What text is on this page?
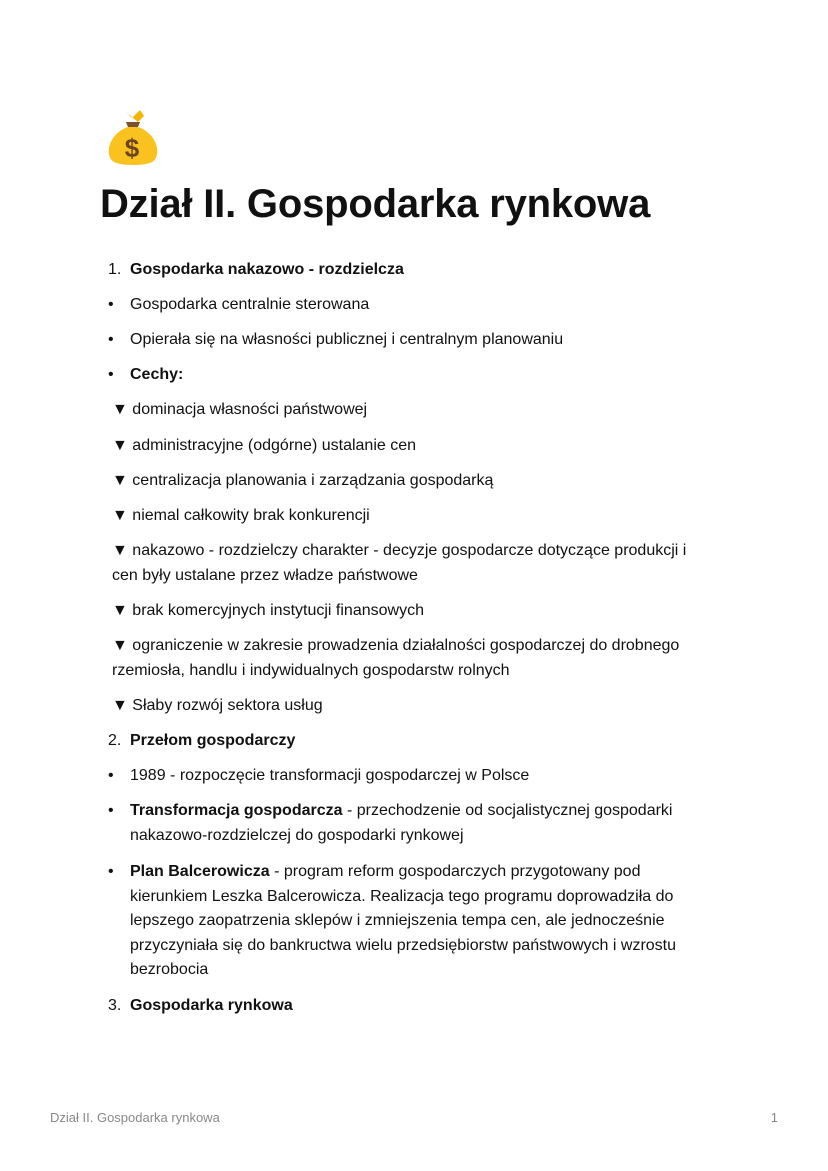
$
Dział II. Gospodarka rynkowa
1. Gospodarka nakazowo - rozdzielcza
• Gospodarka centralnie sterowana
• Opierała się na własności publicznej i centralnym planowaniu
• Cechy:
▼ dominacja własności państwowej
▼ administracyjne (odgórne) ustalanie cen
▼ centralizacja planowania i zarządzania gospodarką
▼ niemal całkowity brak konkurencji
▼ nakazowo - rozdzielczy charakter - decyzje gospodarcze dotyczące produkcji i cen były ustalane przez władze państwowe
▼ brak komercyjnych instytucji finansowych
▼ ograniczenie w zakresie prowadzenia działalności gospodarczej do drobnego rzemiosła, handlu i indywidualnych gospodarstw rolnych
▼ Słaby rozwój sektora usług
2. Przełom gospodarczy
• 1989 - rozpoczęcie transformacji gospodarczej w Polsce
• Transformacja gospodarcza - przechodzenie od socjalistycznej gospodarki nakazowo-rozdzielczej do gospodarki rynkowej
• Plan Balcerowicza - program reform gospodarczych przygotowany pod kierunkiem Leszka Balcerowicza. Realizacja tego programu doprowadziła do lepszego zaopatrzenia sklepów i zmniejszenia tempa cen, ale jednocześnie przyczyniała się do bankructwa wielu przedsiębiorstw państwowych i wzrostu bezrobocia
3. Gospodarka rynkowa
Dział II. Gospodarka rynkowa	1
